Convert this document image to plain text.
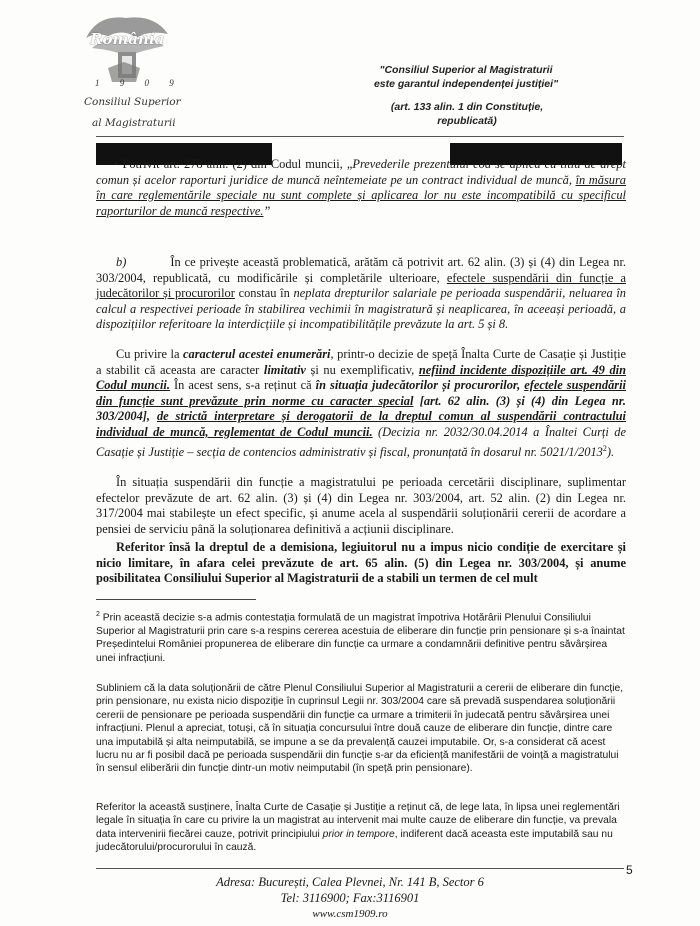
România
1 9 0 9
Consiliul Superior
al Magistraturii
"Consiliul Superior al Magistraturii
este garantul independenței justiției"
(art. 133 alin. 1 din Constituție,
republicată)

• Potrivit art. 278 alin. (2) din Codul muncii, „Prevederile prezentului cod se aplică cu titlu de drept comun și acelor raporturi juridice de muncă neîntemeiate pe un contract individual de muncă, în măsura în care reglementările speciale nu sunt complete și aplicarea lor nu este incompatibilă cu specificul raporturilor de muncă respective.”

b)	În ce privește această problematică, arătăm că potrivit art. 62 alin. (3) și (4) din Legea nr. 303/2004, republicată, cu modificările și completările ulterioare, efectele suspendării din funcție a judecătorilor și procurorilor constau în neplata drepturilor salariale pe perioada suspendării, neluarea în calcul a respectivei perioade în stabilirea vechimii în magistratură și neaplicarea, în aceeași perioadă, a dispozițiilor referitoare la interdicțiile și incompatibilitățile prevăzute la art. 5 și 8.

Cu privire la caracterul acestei enumerări, printr-o decizie de speță Înalta Curte de Casație și Justiție a stabilit că aceasta are caracter limitativ și nu exemplificativ, nefiind incidente dispozițiile art. 49 din Codul muncii. În acest sens, s-a reținut că în situația judecătorilor și procurorilor, efectele suspendării din funcție sunt prevăzute prin norme cu caracter special [art. 62 alin. (3) și (4) din Legea nr. 303/2004], de strictă interpretare și derogatorii de la dreptul comun al suspendării contractului individual de muncă, reglementat de Codul muncii. (Decizia nr. 2032/30.04.2014 a Înaltei Curți de Casație și Justiție – secția de contencios administrativ și fiscal, pronunțată în dosarul nr. 5021/1/2013$^2$).

În situația suspendării din funcție a magistratului pe perioada cercetării disciplinare, suplimentar efectelor prevăzute de art. 62 alin. (3) și (4) din Legea nr. 303/2004, art. 52 alin. (2) din Legea nr. 317/2004 mai stabilește un efect specific, și anume acela al suspendării soluționării cererii de acordare a pensiei de serviciu până la soluționarea definitivă a acțiunii disciplinare.

Referitor însă la dreptul de a demisiona, legiuitorul nu a impus nicio condiție de exercitare și nicio limitare, în afara celei prevăzute de art. 65 alin. (5) din Legea nr. 303/2004, și anume posibilitatea Consiliului Superior al Magistraturii de a stabili un termen de cel mult

$^2$ Prin această decizie s-a admis contestația formulată de un magistrat împotriva Hotărârii Plenului Consiliului Superior al Magistraturii prin care s-a respins cererea acestuia de eliberare din funcție prin pensionare și s-a înaintat Președintelui României propunerea de eliberare din funcție ca urmare a condamnării definitive pentru săvârșirea unei infracțiuni.

Subliniem că la data soluționării de către Plenul Consiliului Superior al Magistraturii a cererii de eliberare din funcție, prin pensionare, nu exista nicio dispoziție în cuprinsul Legii nr. 303/2004 care să prevadă suspendarea soluționării cererii de pensionare pe perioada suspendării din funcție ca urmare a trimiterii în judecată pentru săvârșirea unei infracțiuni. Plenul a apreciat, totuși, că în situația concursului între două cauze de eliberare din funcție, dintre care una imputabilă și alta neimputabilă, se impune a se da prevalență cauzei imputabile. Or, s-a considerat că acest lucru nu ar fi posibil dacă pe perioada suspendării din funcție s-ar da eficiență manifestării de voință a magistratului în sensul eliberării din funcție dintr-un motiv neimputabil (în speță prin pensionare).

Referitor la această susținere, Înalta Curte de Casație și Justiție a reținut că, de lege lata, în lipsa unei reglementări legale în situația în care cu privire la un magistrat au intervenit mai multe cauze de eliberare din funcție, va prevala data intervenirii fiecărei cauze, potrivit principiului prior in tempore, indiferent dacă aceasta este imputabilă sau nu judecătorului/procurorului în cauză.

5
Adresa: București, Calea Plevnei, Nr. 141 B, Sector 6
Tel: 3116900; Fax:3116901
www.csm1909.ro
